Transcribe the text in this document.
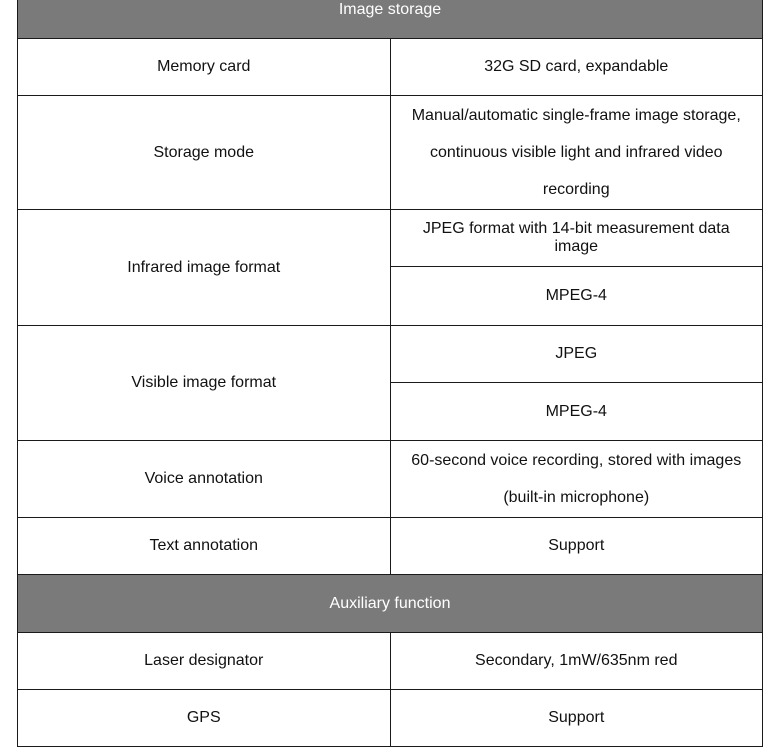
Image storage	
Memory card	32G SD card, expandable
Storage mode	Manual/automatic single-frame image storage, continuous visible light and infrared video recording
Infrared image format	JPEG format with 14-bit measurement data image
	MPEG-4
Visible image format	JPEG
	MPEG-4
Voice annotation	60-second voice recording, stored with images (built-in microphone)
Text annotation	Support
Auxiliary function	
Laser designator	Secondary, 1mW/635nm red
GPS	Support
